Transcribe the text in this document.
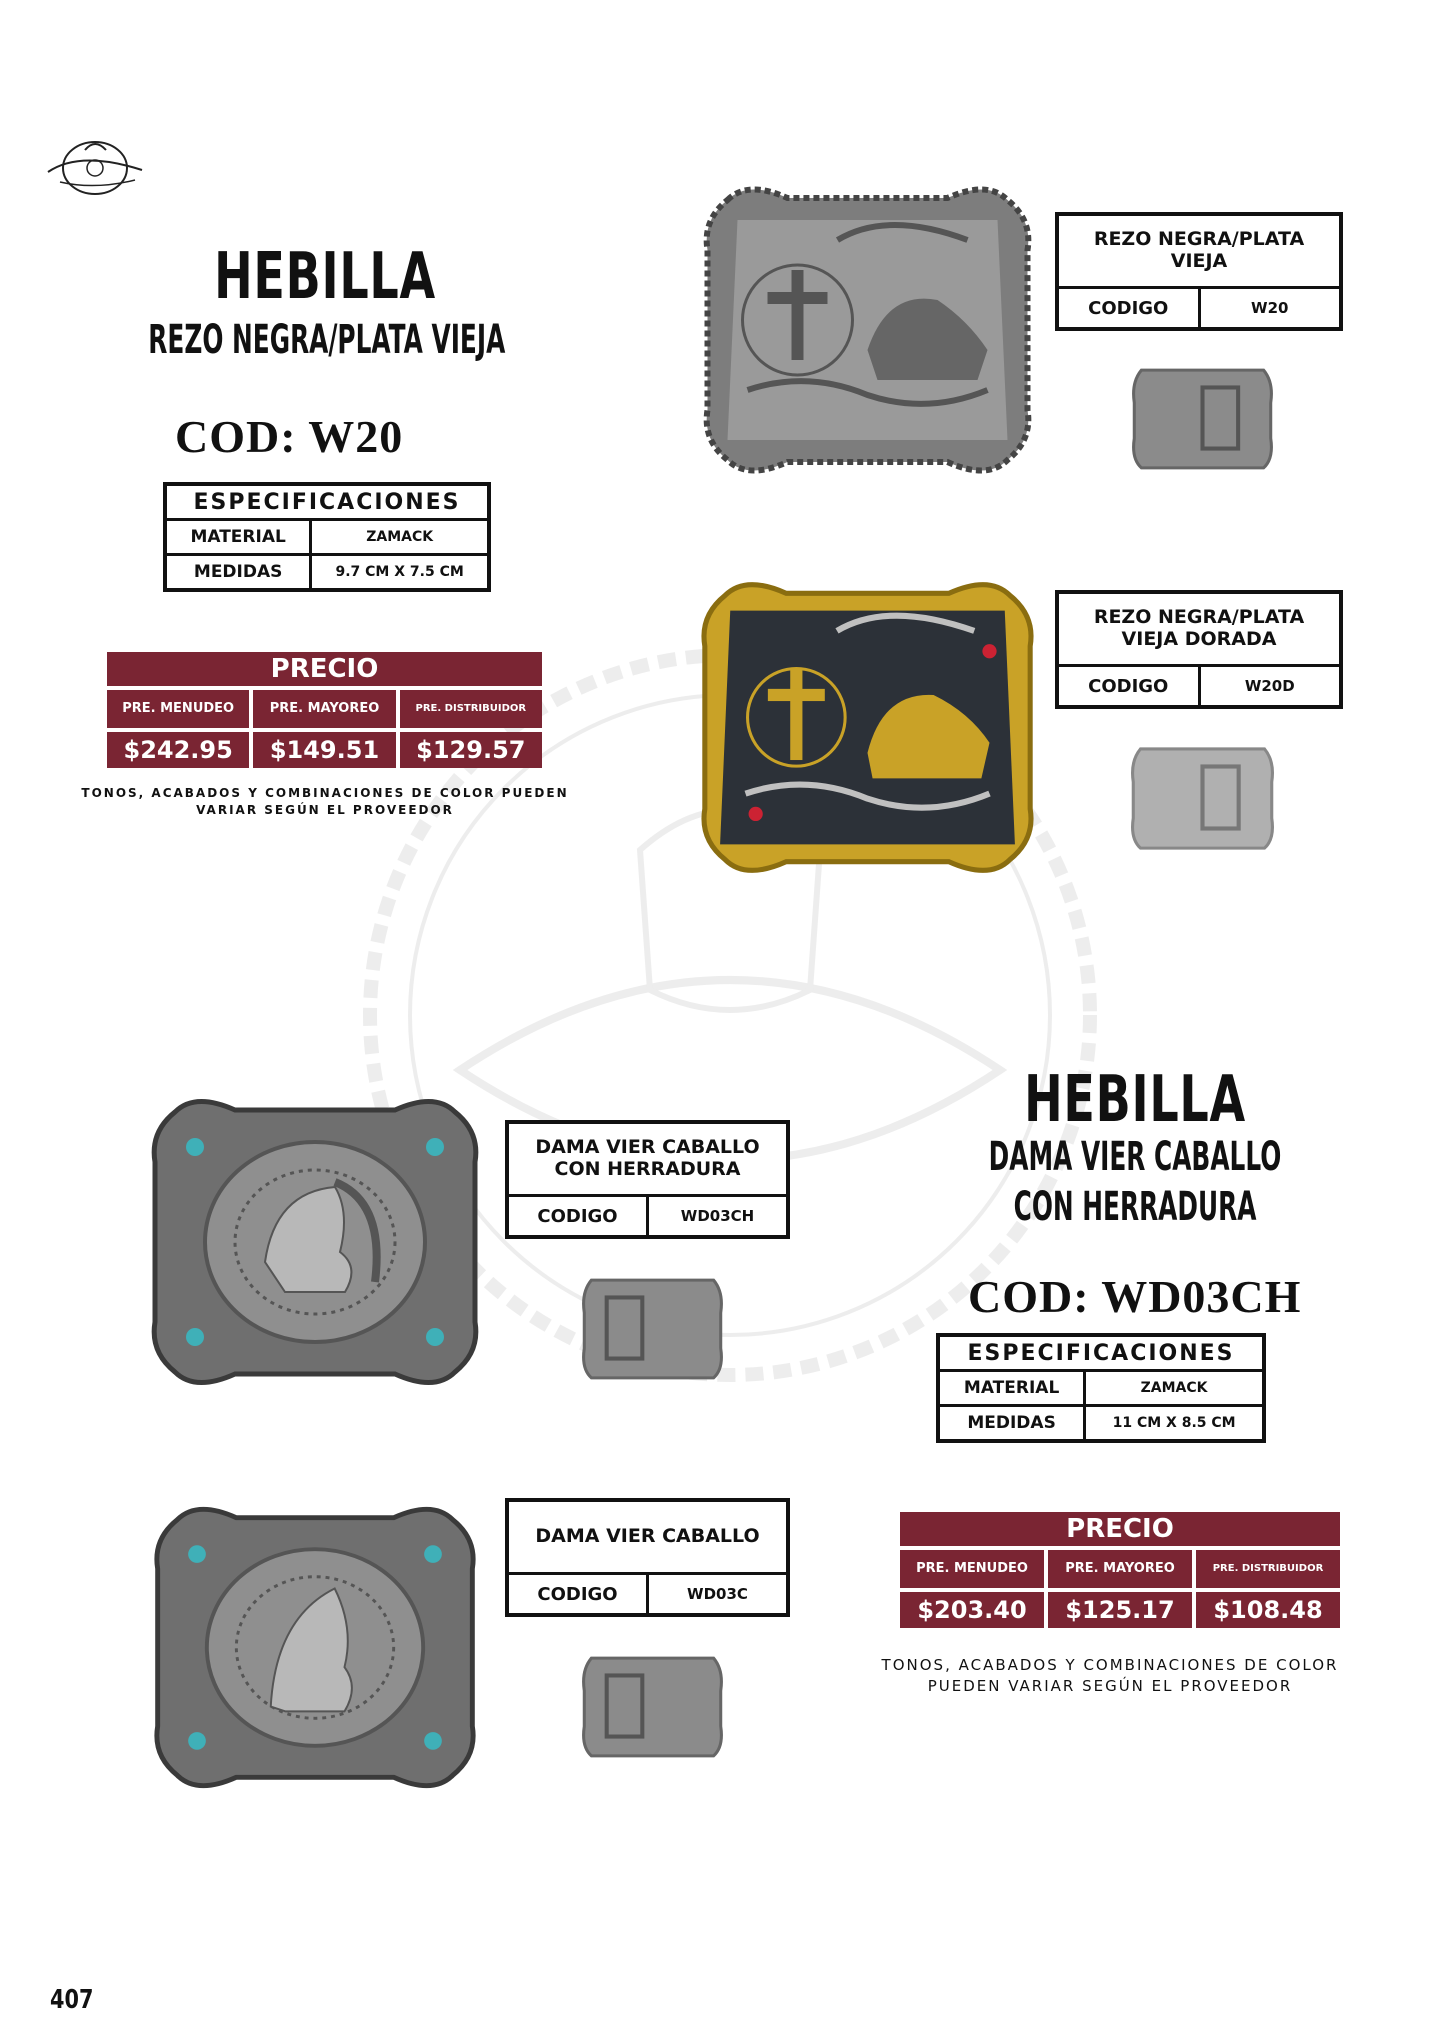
HEBILLA
REZO NEGRA/PLATA VIEJA
COD: W20
ESPECIFICACIONES	
MATERIAL	ZAMACK
MEDIDAS	9.7 CM X 7.5 CM
PRECIO
PRE. MENUDEO	PRE. MAYOREO	PRE. DISTRIBUIDOR
$242.95	$149.51	$129.57
TONOS, ACABADOS Y COMBINACIONES DE COLOR PUEDEN
VARIAR SEGÚN EL PROVEEDOR
REZO NEGRA/PLATA VIEJA
CODIGO	W20
REZO NEGRA/PLATA VIEJA DORADA
CODIGO	W20D
HEBILLA
DAMA VIER CABALLO
CON HERRADURA
COD: WD03CH
ESPECIFICACIONES	
MATERIAL	ZAMACK
MEDIDAS	11 CM X 8.5 CM
PRECIO
PRE. MENUDEO	PRE. MAYOREO	PRE. DISTRIBUIDOR
$203.40	$125.17	$108.48
TONOS, ACABADOS Y COMBINACIONES DE COLOR
PUEDEN VARIAR SEGÚN EL PROVEEDOR
DAMA VIER CABALLO CON HERRADURA
CODIGO	WD03CH
DAMA VIER CABALLO
CODIGO	WD03C
407
